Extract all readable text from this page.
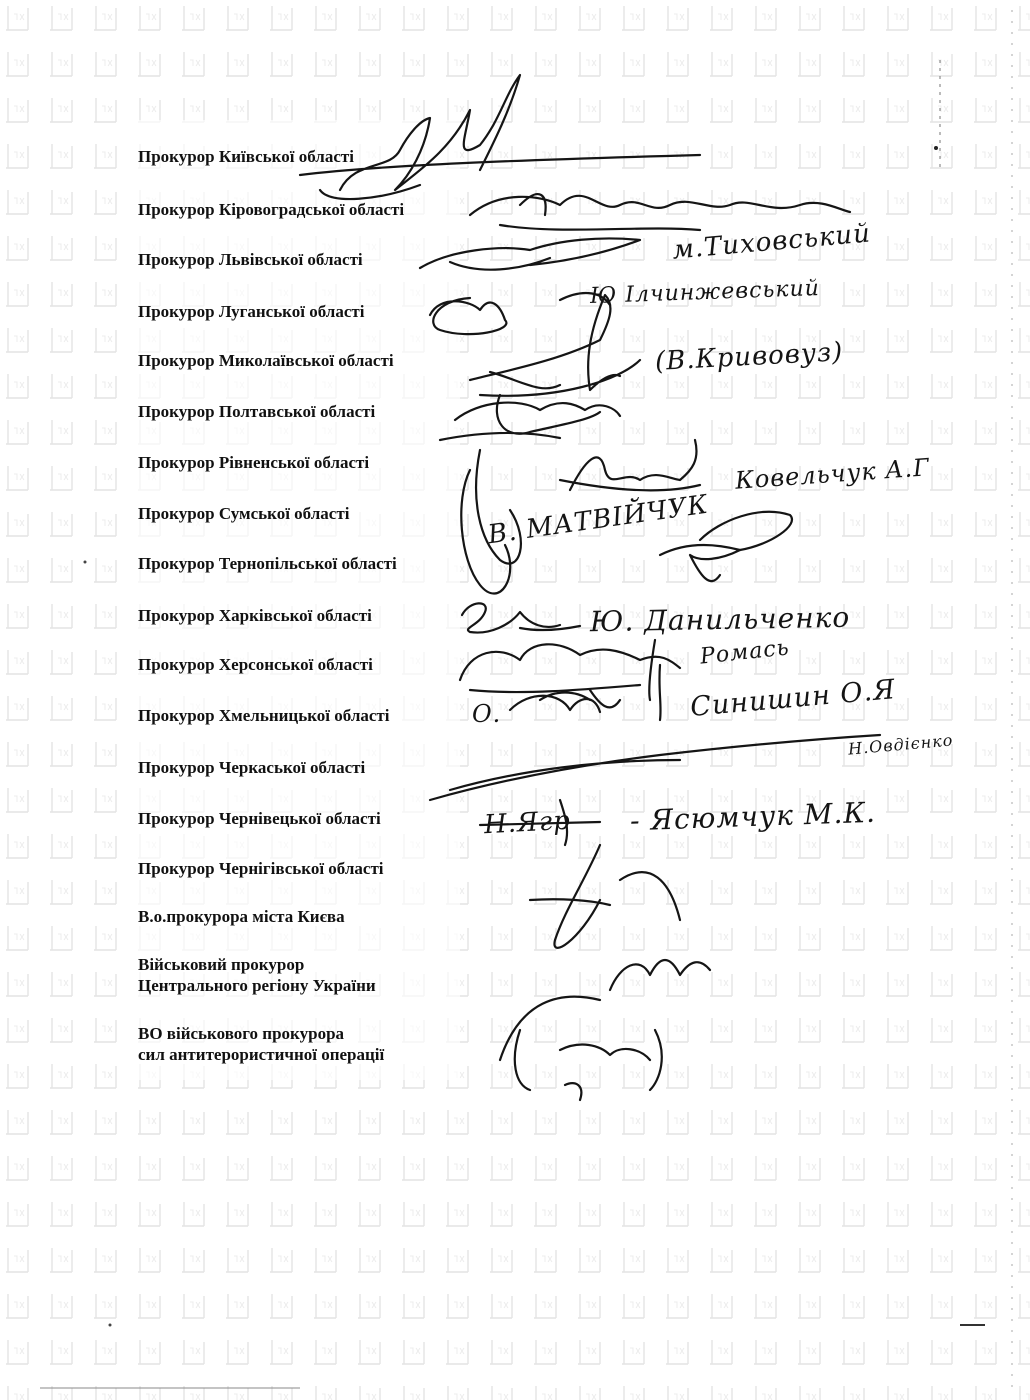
Прокурор Київської області
Прокурор Кіровоградської області
Прокурор Львівської області
Прокурор Луганської області
Прокурор Миколаївської області
Прокурор Полтавської області
Прокурор Рівненської області
Прокурор Сумської області
Прокурор Тернопільської області
Прокурор Харківської області
Прокурор Херсонської області
Прокурор Хмельницької області
Прокурор Черкаської області
Прокурор Чернівецької області
Прокурор Чернігівської області
В.о.прокурора міста Києва
Військовий прокурор
Центрального регіону України
ВО військового прокурора
сил антитерористичної операції
м.Тиховський
Ю Ілчинжевський
(В.Кривовуз)
Ковельчук А.Г
В. МАТВІЙЧУК
Ю. Данильченко
Ромась
Синишин О.Я
О.
Н.Овдієнко
Н.Ягр - Ясюмчук М.К.
